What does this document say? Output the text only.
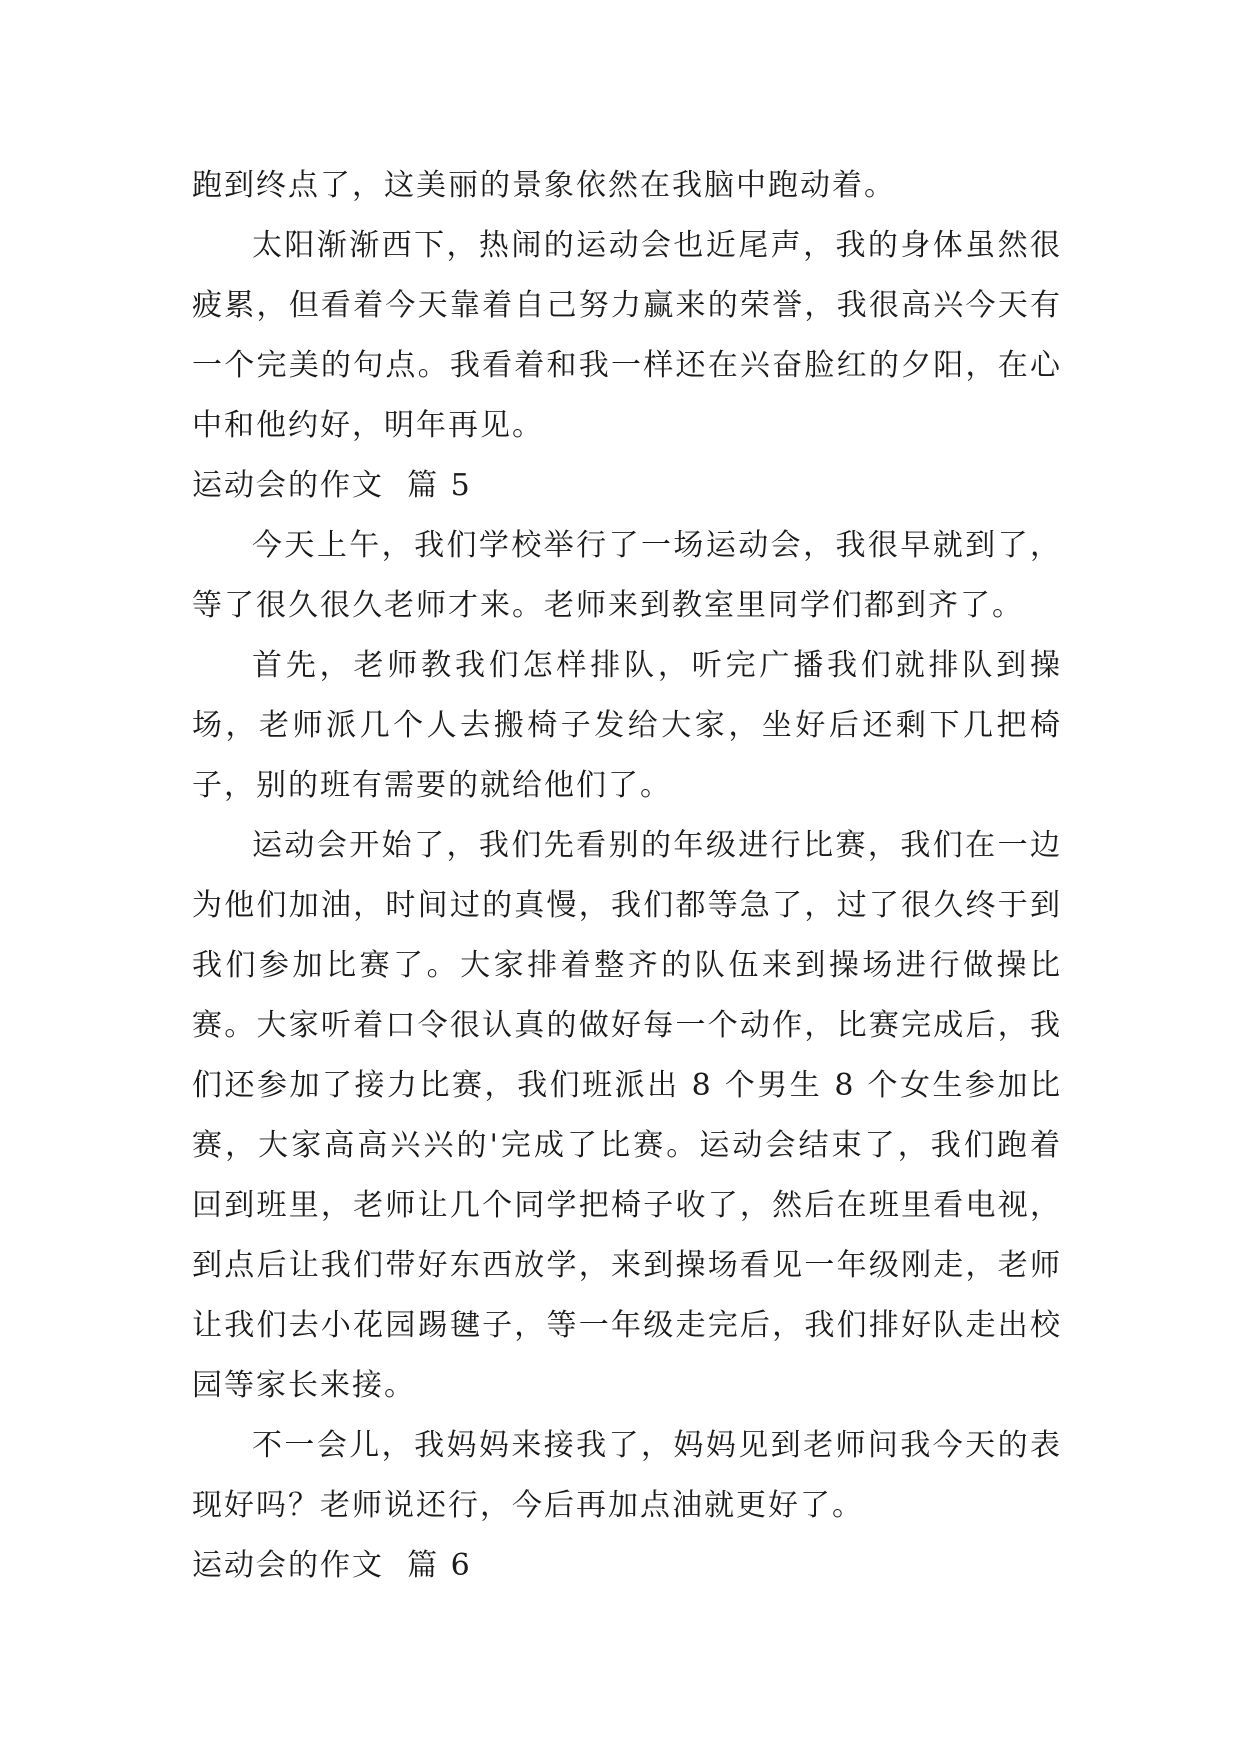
跑到终点了，这美丽的景象依然在我脑中跑动着。

太阳渐渐西下，热闹的运动会也近尾声，我的身体虽然很疲累，但看着今天靠着自己努力赢来的荣誉，我很高兴今天有一个完美的句点。我看着和我一样还在兴奋脸红的夕阳，在心中和他约好，明年再见。

运动会的作文  篇 5

今天上午，我们学校举行了一场运动会，我很早就到了，等了很久很久老师才来。老师来到教室里同学们都到齐了。

首先，老师教我们怎样排队，听完广播我们就排队到操场，老师派几个人去搬椅子发给大家，坐好后还剩下几把椅子，别的班有需要的就给他们了。

运动会开始了，我们先看别的年级进行比赛，我们在一边为他们加油，时间过的真慢，我们都等急了，过了很久终于到我们参加比赛了。大家排着整齐的队伍来到操场进行做操比赛。大家听着口令很认真的做好每一个动作，比赛完成后，我们还参加了接力比赛，我们班派出 8 个男生 8 个女生参加比赛，大家高高兴兴的'完成了比赛。运动会结束了，我们跑着回到班里，老师让几个同学把椅子收了，然后在班里看电视，到点后让我们带好东西放学，来到操场看见一年级刚走，老师让我们去小花园踢毽子，等一年级走完后，我们排好队走出校园等家长来接。

不一会儿，我妈妈来接我了，妈妈见到老师问我今天的表现好吗？老师说还行，今后再加点油就更好了。

运动会的作文  篇 6
